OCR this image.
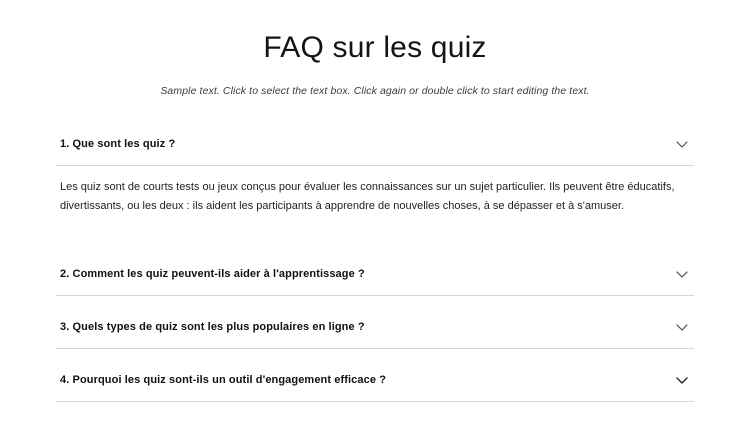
FAQ sur les quiz

Sample text. Click to select the text box. Click again or double click to start editing the text.

1. Que sont les quiz ?
Les quiz sont de courts tests ou jeux conçus pour évaluer les connaissances sur un sujet particulier. Ils peuvent être éducatifs, divertissants, ou les deux : ils aident les participants à apprendre de nouvelles choses, à se dépasser et à s'amuser.
2. Comment les quiz peuvent-ils aider à l'apprentissage ?
3. Quels types de quiz sont les plus populaires en ligne ?
4. Pourquoi les quiz sont-ils un outil d'engagement efficace ?
